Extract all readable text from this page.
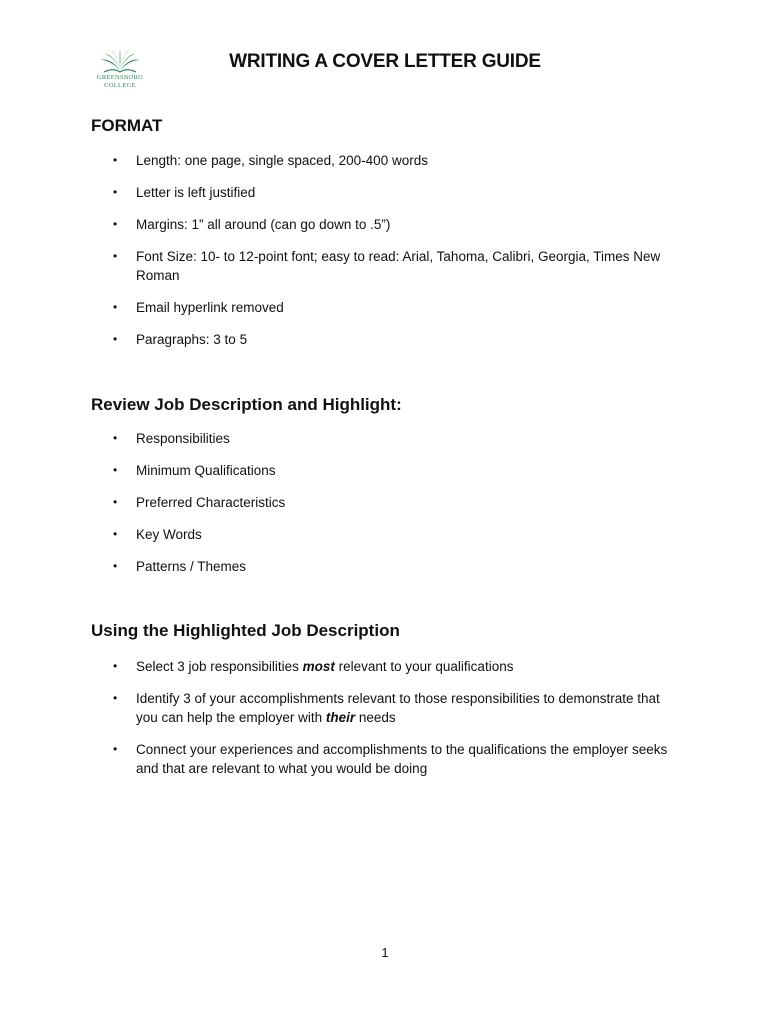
GREENSBORO
COLLEGE
WRITING A COVER LETTER GUIDE
FORMAT
• Length: one page, single spaced, 200-400 words
• Letter is left justified
• Margins: 1” all around (can go down to .5”)
• Font Size: 10- to 12-point font; easy to read: Arial, Tahoma, Calibri, Georgia, Times New Roman
• Email hyperlink removed
• Paragraphs: 3 to 5
Review Job Description and Highlight:
• Responsibilities
• Minimum Qualifications
• Preferred Characteristics
• Key Words
• Patterns / Themes
Using the Highlighted Job Description
• Select 3 job responsibilities most relevant to your qualifications
• Identify 3 of your accomplishments relevant to those responsibilities to demonstrate that you can help the employer with their needs
• Connect your experiences and accomplishments to the qualifications the employer seeks and that are relevant to what you would be doing
1
